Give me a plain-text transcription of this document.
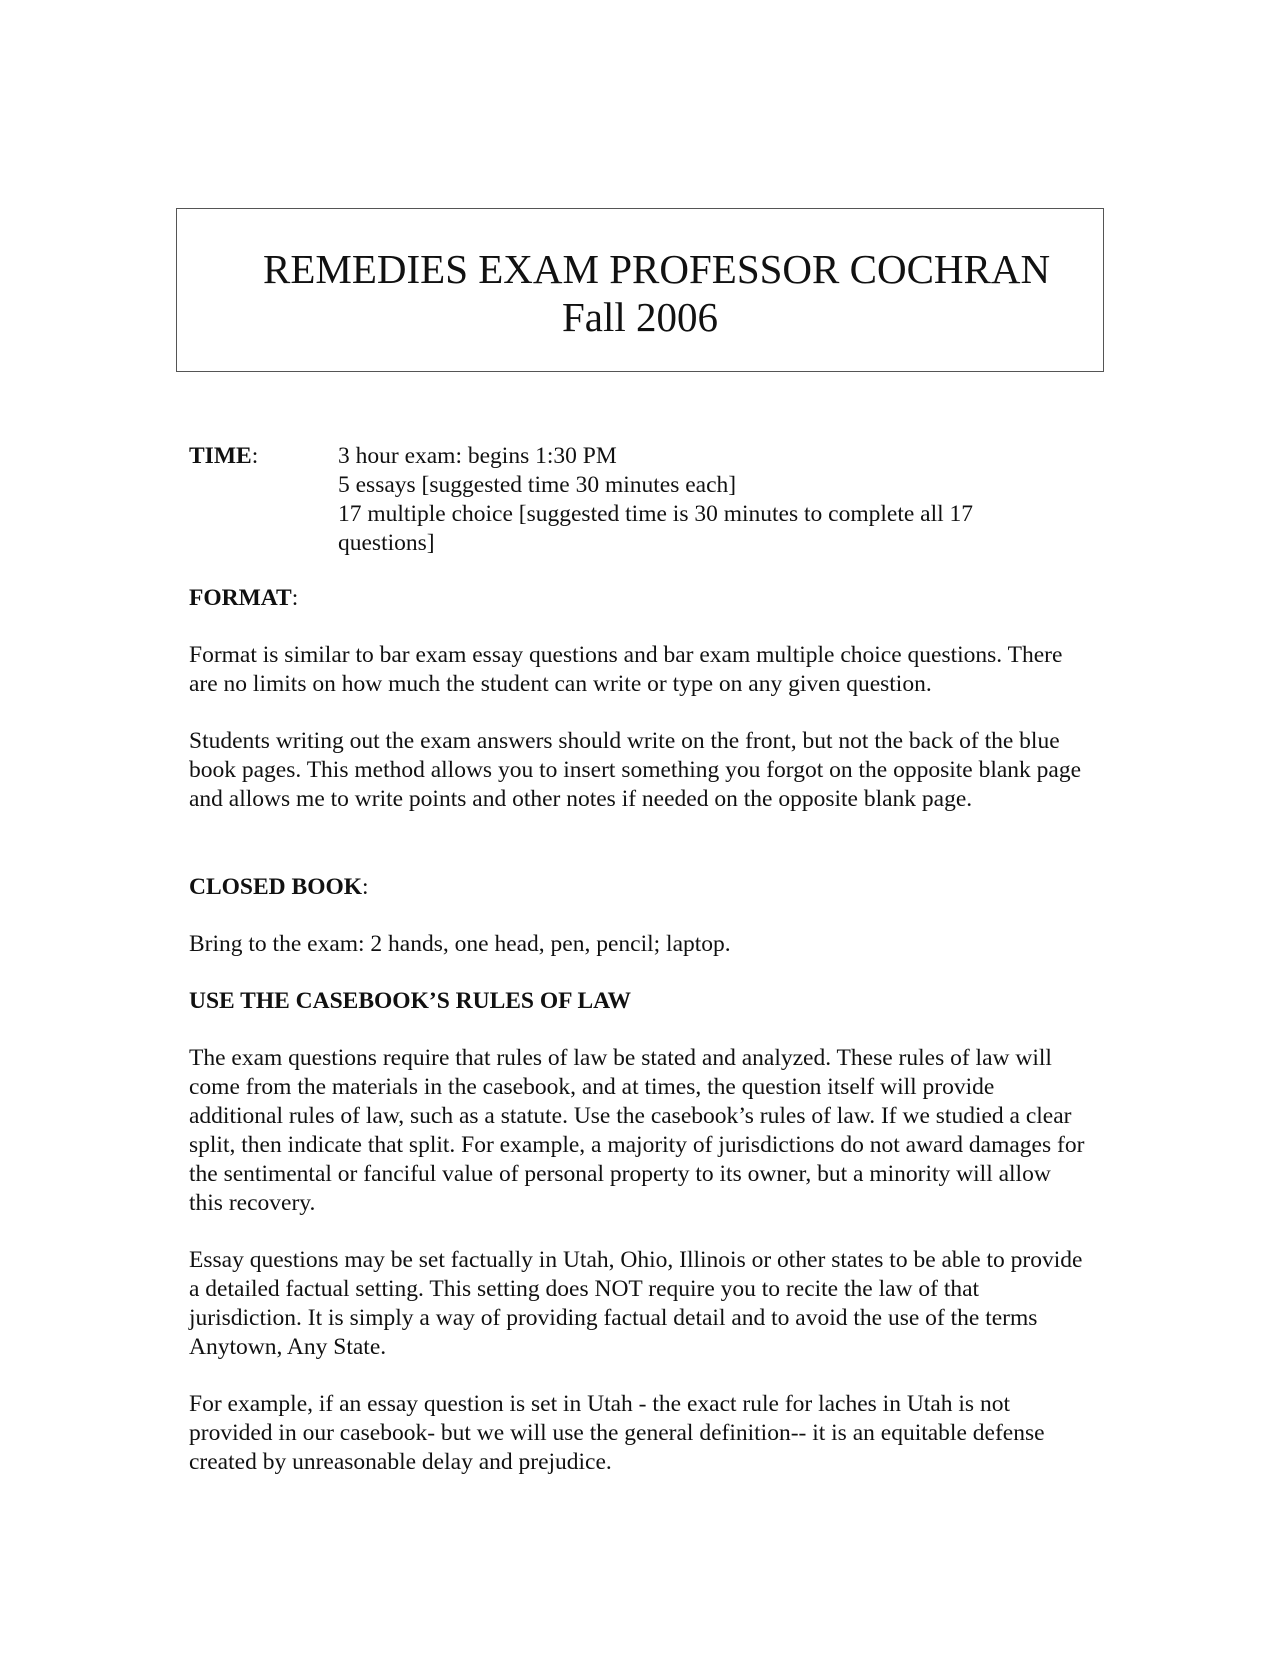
REMEDIES EXAM PROFESSOR COCHRAN
Fall 2006
TIME:	3 hour exam: begins 1:30 PM
5 essays [suggested time 30 minutes each]
17 multiple choice [suggested time is 30 minutes to complete all 17
questions]
FORMAT:

Format is similar to bar exam essay questions and bar exam multiple choice questions. There are no limits on how much the student can write or type on any given question.

Students writing out the exam answers should write on the front, but not the back of the blue book pages. This method allows you to insert something you forgot on the opposite blank page and allows me to write points and other notes if needed on the opposite blank page.

CLOSED BOOK:

Bring to the exam: 2 hands, one head, pen, pencil; laptop.

USE THE CASEBOOK’S RULES OF LAW

The exam questions require that rules of law be stated and analyzed. These rules of law will come from the materials in the casebook, and at times, the question itself will provide additional rules of law, such as a statute. Use the casebook’s rules of law. If we studied a clear split, then indicate that split. For example, a majority of jurisdictions do not award damages for the sentimental or fanciful value of personal property to its owner, but a minority will allow this recovery.

Essay questions may be set factually in Utah, Ohio, Illinois or other states to be able to provide a detailed factual setting. This setting does NOT require you to recite the law of that jurisdiction. It is simply a way of providing factual detail and to avoid the use of the terms Anytown, Any State.

For example, if an essay question is set in Utah - the exact rule for laches in Utah is not provided in our casebook- but we will use the general definition-- it is an equitable defense created by unreasonable delay and prejudice.
